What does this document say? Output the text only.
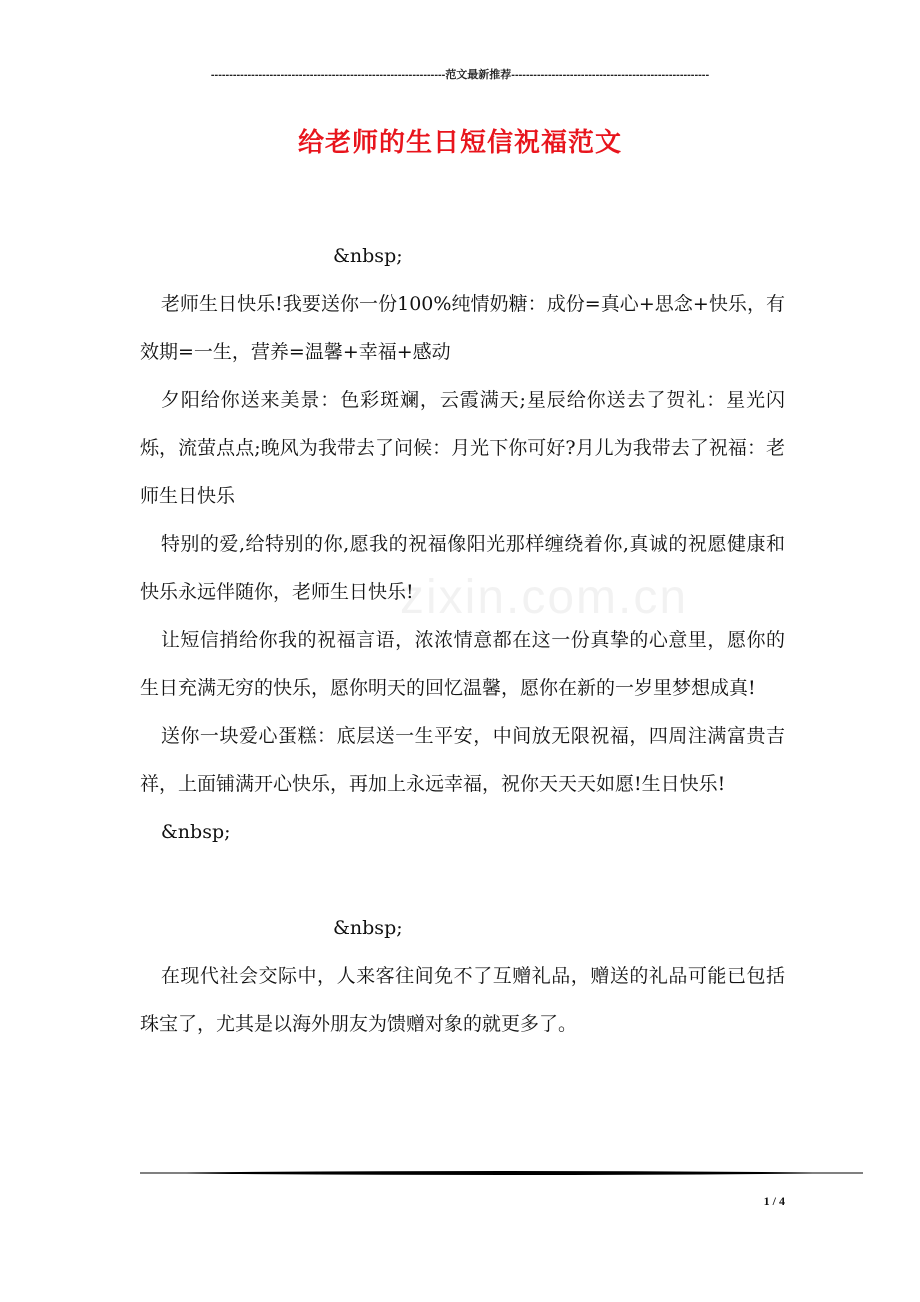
----------------------------------------------------------------范文最新推荐------------------------------------------------------
给老师的生日短信祝福范文
zixin.com.cn

&nbsp;

老师生日快乐!我要送你一份100%纯情奶糖：成份=真心+思念+快乐，有效期=一生，营养=温馨+幸福+感动

夕阳给你送来美景：色彩斑斓，云霞满天;星辰给你送去了贺礼：星光闪烁，流萤点点;晚风为我带去了问候：月光下你可好?月儿为我带去了祝福：老师生日快乐

特别的爱,给特别的你,愿我的祝福像阳光那样缠绕着你,真诚的祝愿健康和快乐永远伴随你，老师生日快乐!

让短信捎给你我的祝福言语，浓浓情意都在这一份真挚的心意里，愿你的生日充满无穷的快乐，愿你明天的回忆温馨，愿你在新的一岁里梦想成真!

送你一块爱心蛋糕：底层送一生平安，中间放无限祝福，四周注满富贵吉祥，上面铺满开心快乐，再加上永远幸福，祝你天天天如愿!生日快乐!

&nbsp;

&nbsp;

在现代社会交际中，人来客往间免不了互赠礼品，赠送的礼品可能已包括珠宝了，尤其是以海外朋友为馈赠对象的就更多了。

1 / 4
